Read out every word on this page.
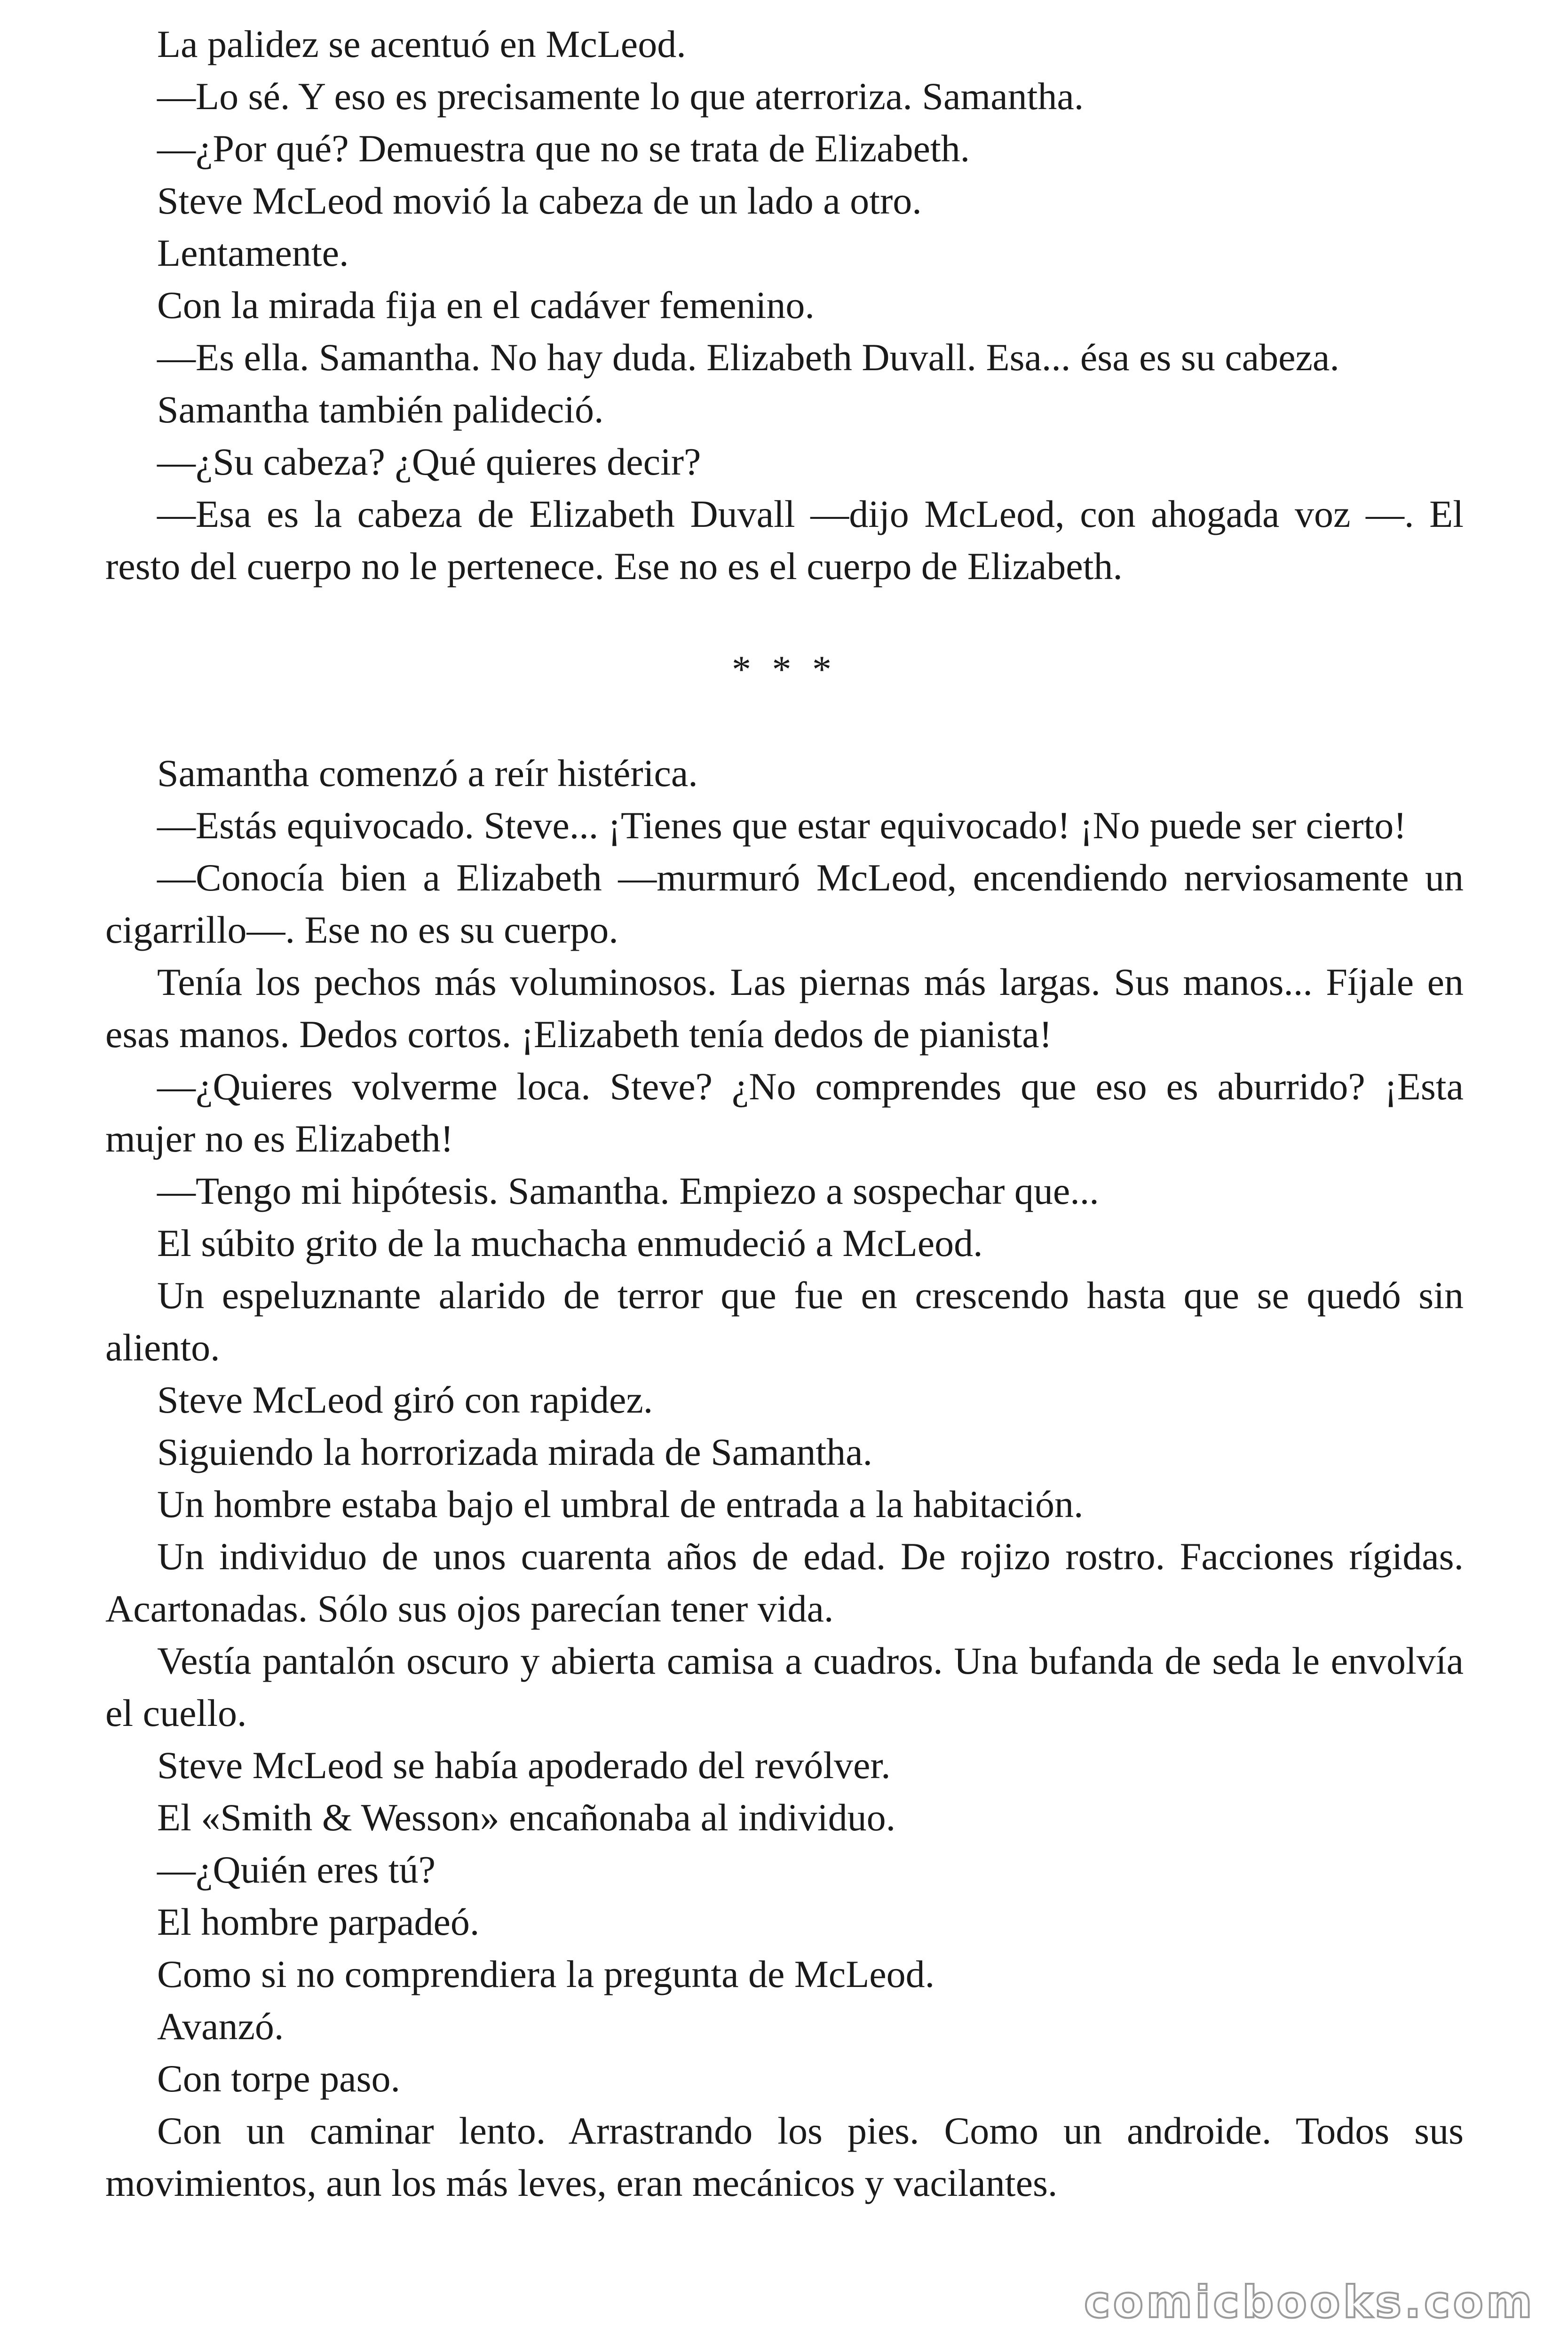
La palidez se acentuó en McLeod.

—Lo sé. Y eso es precisamente lo que aterroriza. Samantha.

—¿Por qué? Demuestra que no se trata de Elizabeth.

Steve McLeod movió la cabeza de un lado a otro.

Lentamente.

Con la mirada fija en el cadáver femenino.

—Es ella. Samantha. No hay duda. Elizabeth Duvall. Esa... ésa es su cabeza.

Samantha también palideció.

—¿Su cabeza? ¿Qué quieres decir?

—Esa es la cabeza de Elizabeth Duvall —dijo McLeod, con ahogada voz —. El resto del cuerpo no le pertenece. Ese no es el cuerpo de Elizabeth.

* * *

Samantha comenzó a reír histérica.

—Estás equivocado. Steve... ¡Tienes que estar equivocado! ¡No puede ser cierto!

—Conocía bien a Elizabeth —murmuró McLeod, encendiendo nerviosamente un cigarrillo—. Ese no es su cuerpo.

Tenía los pechos más voluminosos. Las piernas más largas. Sus manos... Fíjale en esas manos. Dedos cortos. ¡Elizabeth tenía dedos de pianista!

—¿Quieres volverme loca. Steve? ¿No comprendes que eso es aburrido? ¡Esta mujer no es Elizabeth!

—Tengo mi hipótesis. Samantha. Empiezo a sospechar que...

El súbito grito de la muchacha enmudeció a McLeod.

Un espeluznante alarido de terror que fue en crescendo hasta que se quedó sin aliento.

Steve McLeod giró con rapidez.

Siguiendo la horrorizada mirada de Samantha.

Un hombre estaba bajo el umbral de entrada a la habitación.

Un individuo de unos cuarenta años de edad. De rojizo rostro. Facciones rígidas. Acartonadas. Sólo sus ojos parecían tener vida.

Vestía pantalón oscuro y abierta camisa a cuadros. Una bufanda de seda le envolvía el cuello.

Steve McLeod se había apoderado del revólver.

El «Smith & Wesson» encañonaba al individuo.

—¿Quién eres tú?

El hombre parpadeó.

Como si no comprendiera la pregunta de McLeod.

Avanzó.

Con torpe paso.

Con un caminar lento. Arrastrando los pies. Como un androide. Todos sus movimientos, aun los más leves, eran mecánicos y vacilantes.

comicbooks.com
